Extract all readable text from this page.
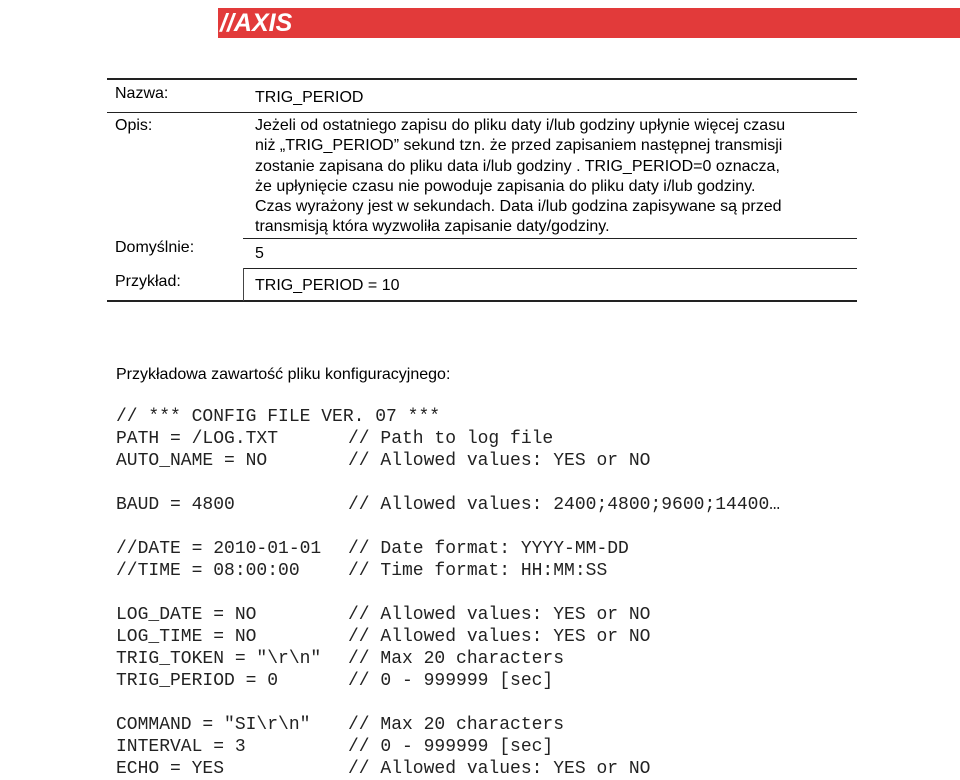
//AXIS
Nazwa:	TRIG_PERIOD
Opis:	Jeżeli od ostatniego zapisu do pliku daty i/lub godziny upłynie więcej czasu
niż „TRIG_PERIOD” sekund tzn. że przed zapisaniem następnej transmisji
zostanie zapisana do pliku data i/lub godziny . TRIG_PERIOD=0 oznacza,
że upłynięcie czasu nie powoduje zapisania do pliku daty i/lub godziny.
Czas wyrażony jest w sekundach. Data i/lub godzina zapisywane są przed
transmisją która wyzwoliła zapisanie daty/godziny.
Domyślnie:	5
Przykład:	TRIG_PERIOD = 10
Przykładowa zawartość pliku konfiguracyjnego:
// *** CONFIG FILE VER. 07 ***
PATH = /LOG.TXT	// Path to log file
AUTO_NAME = NO	// Allowed values: YES or NO
BAUD = 4800	// Allowed values: 2400;4800;9600;14400…
//DATE = 2010-01-01 // Date format: YYYY-MM-DD
//TIME = 08:00:00	// Time format: HH:MM:SS
LOG_DATE = NO	// Allowed values: YES or NO
LOG_TIME = NO	// Allowed values: YES or NO
TRIG_TOKEN = "\r\n" // Max 20 characters
TRIG_PERIOD = 0	// 0 - 999999 [sec]
COMMAND = "SI\r\n" // Max 20 characters
INTERVAL = 3	// 0 - 999999 [sec]
ECHO = YES	// Allowed values: YES or NO
